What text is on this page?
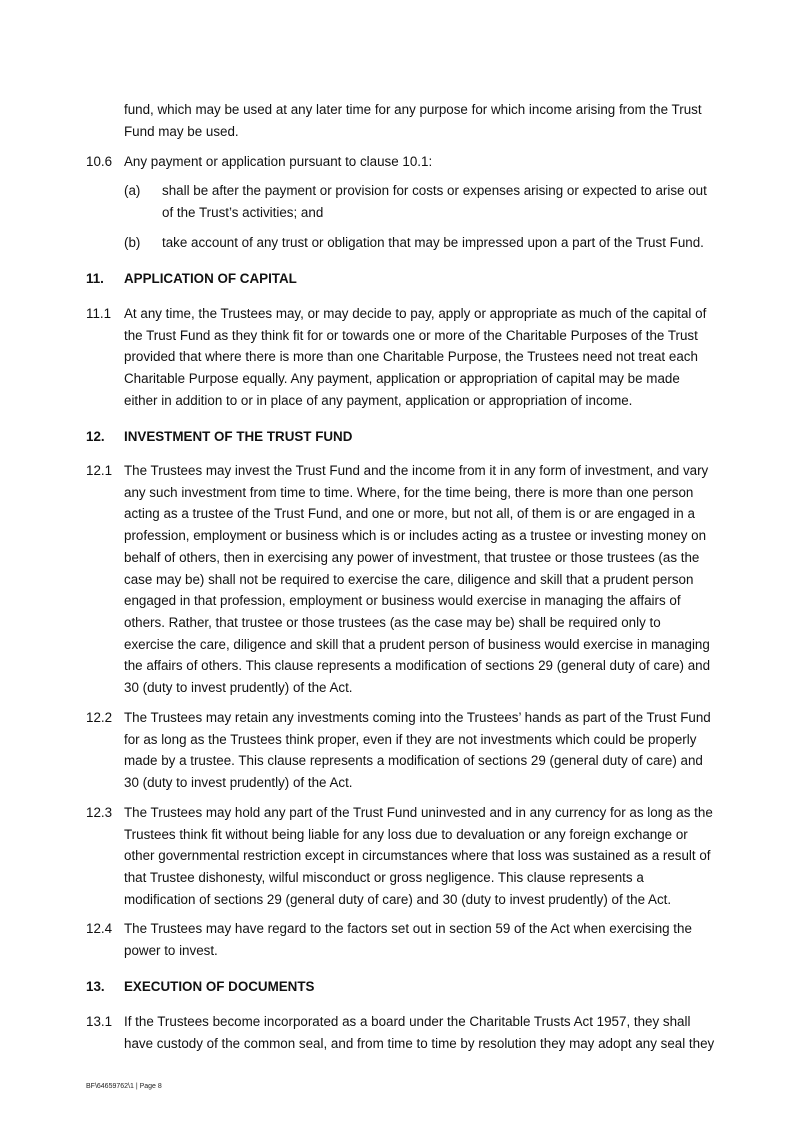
fund, which may be used at any later time for any purpose for which income arising from the Trust
Fund may be used.
10.6 Any payment or application pursuant to clause 10.1:
(a) shall be after the payment or provision for costs or expenses arising or expected to arise out
of the Trust’s activities; and
(b) take account of any trust or obligation that may be impressed upon a part of the Trust Fund.
11. APPLICATION OF CAPITAL
11.1 At any time, the Trustees may, or may decide to pay, apply or appropriate as much of the capital of
the Trust Fund as they think fit for or towards one or more of the Charitable Purposes of the Trust
provided that where there is more than one Charitable Purpose, the Trustees need not treat each
Charitable Purpose equally. Any payment, application or appropriation of capital may be made
either in addition to or in place of any payment, application or appropriation of income.
12. INVESTMENT OF THE TRUST FUND
12.1 The Trustees may invest the Trust Fund and the income from it in any form of investment, and vary
any such investment from time to time. Where, for the time being, there is more than one person
acting as a trustee of the Trust Fund, and one or more, but not all, of them is or are engaged in a
profession, employment or business which is or includes acting as a trustee or investing money on
behalf of others, then in exercising any power of investment, that trustee or those trustees (as the
case may be) shall not be required to exercise the care, diligence and skill that a prudent person
engaged in that profession, employment or business would exercise in managing the affairs of
others. Rather, that trustee or those trustees (as the case may be) shall be required only to
exercise the care, diligence and skill that a prudent person of business would exercise in managing
the affairs of others. This clause represents a modification of sections 29 (general duty of care) and
30 (duty to invest prudently) of the Act.
12.2 The Trustees may retain any investments coming into the Trustees’ hands as part of the Trust Fund
for as long as the Trustees think proper, even if they are not investments which could be properly
made by a trustee. This clause represents a modification of sections 29 (general duty of care) and
30 (duty to invest prudently) of the Act.
12.3 The Trustees may hold any part of the Trust Fund uninvested and in any currency for as long as the
Trustees think fit without being liable for any loss due to devaluation or any foreign exchange or
other governmental restriction except in circumstances where that loss was sustained as a result of
that Trustee dishonesty, wilful misconduct or gross negligence. This clause represents a
modification of sections 29 (general duty of care) and 30 (duty to invest prudently) of the Act.
12.4 The Trustees may have regard to the factors set out in section 59 of the Act when exercising the
power to invest.
13. EXECUTION OF DOCUMENTS
13.1 If the Trustees become incorporated as a board under the Charitable Trusts Act 1957, they shall
have custody of the common seal, and from time to time by resolution they may adopt any seal they
BF\64659762\1 | Page 8
